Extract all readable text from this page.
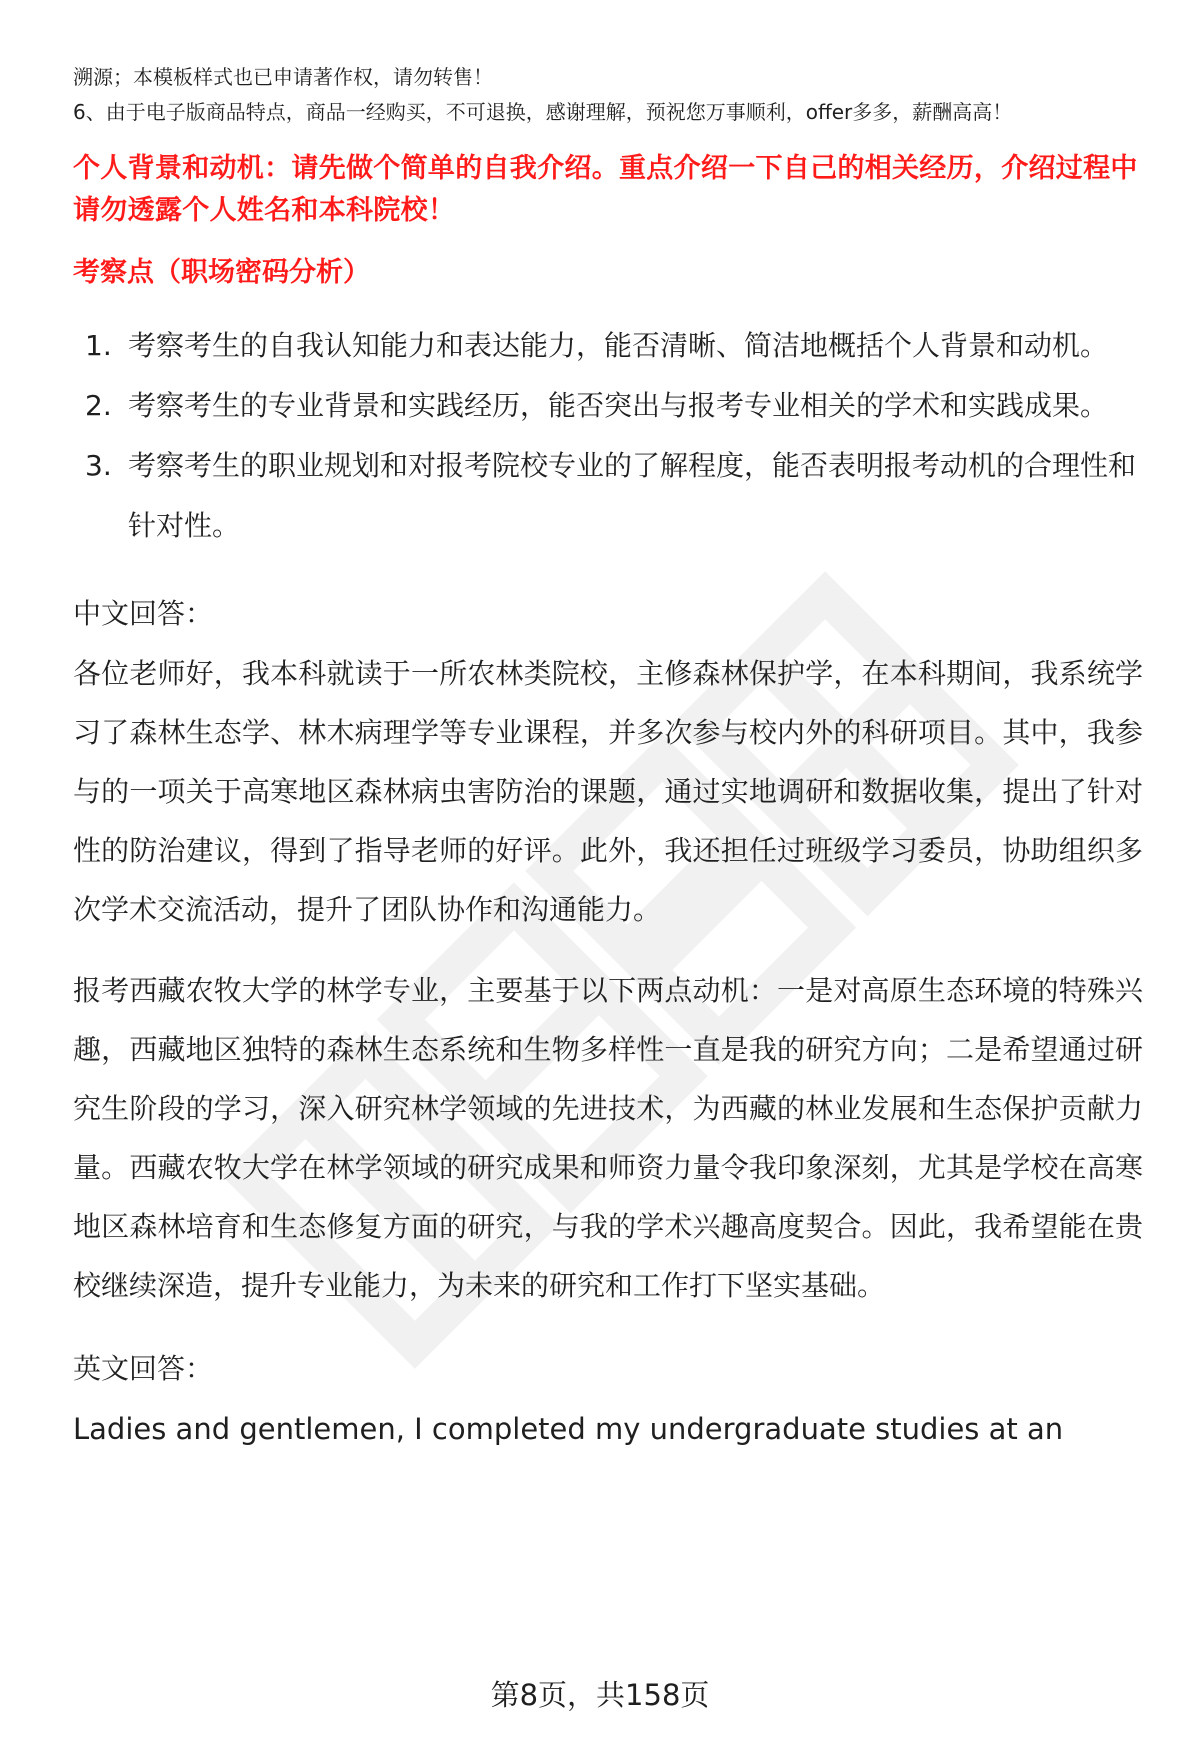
溯源；本模板样式也已申请著作权，请勿转售！

6、由于电子版商品特点，商品一经购买，不可退换，感谢理解，预祝您万事顺利，offer多多，薪酬高高！

个人背景和动机：请先做个简单的自我介绍。重点介绍一下自己的相关经历，介绍过程中请勿透露个人姓名和本科院校！
考察点（职场密码分析）
1. 考察考生的自我认知能力和表达能力，能否清晰、简洁地概括个人背景和动机。
2. 考察考生的专业背景和实践经历，能否突出与报考专业相关的学术和实践成果。
3. 考察考生的职业规划和对报考院校专业的了解程度，能否表明报考动机的合理性和针对性。

中文回答：

各位老师好，我本科就读于一所农林类院校，主修森林保护学，在本科期间，我系统学习了森林生态学、林木病理学等专业课程，并多次参与校内外的科研项目。其中，我参与的一项关于高寒地区森林病虫害防治的课题，通过实地调研和数据收集，提出了针对性的防治建议，得到了指导老师的好评。此外，我还担任过班级学习委员，协助组织多次学术交流活动，提升了团队协作和沟通能力。

报考西藏农牧大学的林学专业，主要基于以下两点动机：一是对高原生态环境的特殊兴趣，西藏地区独特的森林生态系统和生物多样性一直是我的研究方向；二是希望通过研究生阶段的学习，深入研究林学领域的先进技术，为西藏的林业发展和生态保护贡献力量。西藏农牧大学在林学领域的研究成果和师资力量令我印象深刻，尤其是学校在高寒地区森林培育和生态修复方面的研究，与我的学术兴趣高度契合。因此，我希望能在贵校继续深造，提升专业能力，为未来的研究和工作打下坚实基础。

英文回答：

Ladies and gentlemen, I completed my undergraduate studies at an

第8页，共158页
